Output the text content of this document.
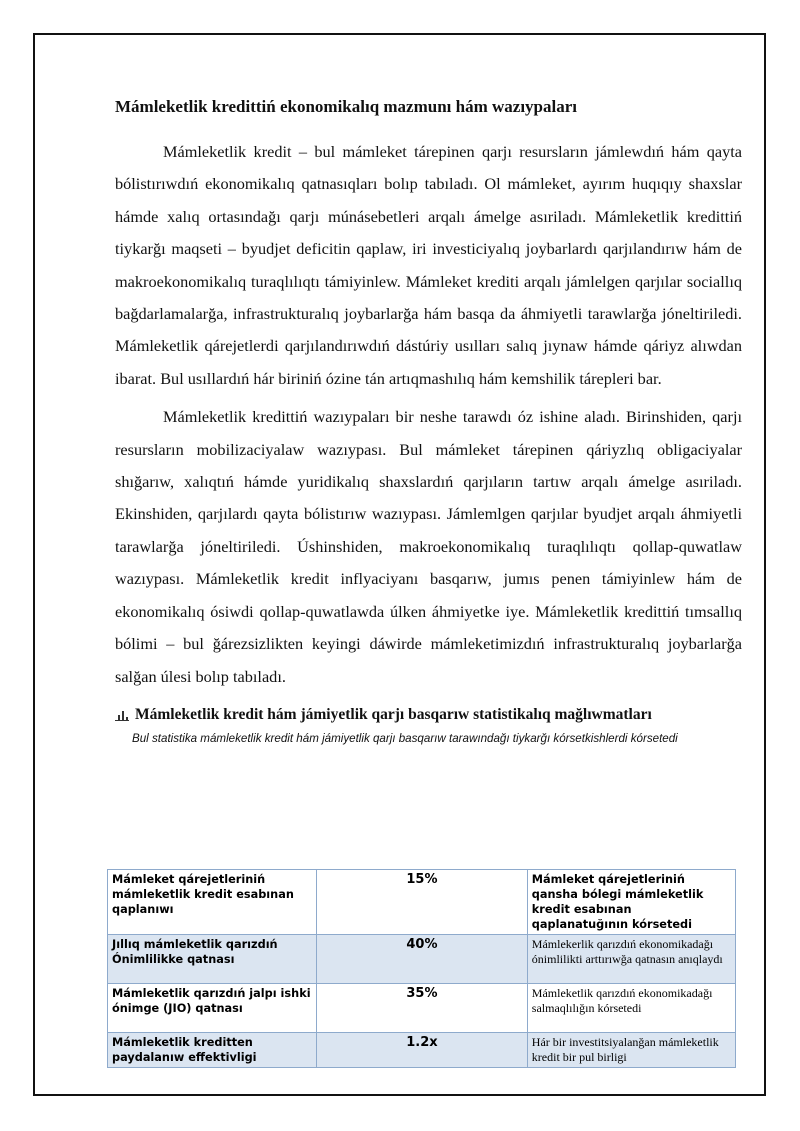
Mámleketlik kredittiń ekonomikalıq mazmunı hám wazıypaları

Mámleketlik kredit – bul mámleket tárepinen qarjı resursların jámlewdıń hám qayta bólistırıwdıń ekonomikalıq qatnasıqları bolıp tabıladı. Ol mámleket, ayırım huqıqıy shaxslar hámde xalıq ortasındağı qarjı múnásebetleri arqalı ámelge asıriladı. Mámleketlik kredittiń tiykarğı maqseti – byudjet deficitin qaplaw, iri investiciyalıq joybarlardı qarjılandırıw hám de makroekonomikalıq turaqlılıqtı támiyinlew. Mámleket krediti arqalı jámlelgen qarjılar sociallıq bağdarlamalarğa, infrastrukturalıq joybarlarğa hám basqa da áhmiyetli tarawlarğa jóneltiriledi. Mámleketlik qárejetlerdi qarjılandırıwdıń dástúriy usılları salıq jıynaw hámde qáriyz alıwdan ibarat. Bul usıllardıń hár biriniń ózine tán artıqmashılıq hám kemshilik tárepleri bar.

Mámleketlik kredittiń wazıypaları bir neshe tarawdı óz ishine aladı. Birinshiden, qarjı resursların mobilizaciyalaw wazıypası. Bul mámleket tárepinen qáriyzlıq obligaciyalar shığarıw, xalıqtıń hámde yuridikalıq shaxslardıń qarjıların tartıw arqalı ámelge asıriladı. Ekinshiden, qarjılardı qayta bólistırıw wazıypası. Jámlemlgen qarjılar byudjet arqalı áhmiyetli tarawlarğa jóneltiriledi. Úshinshiden, makroekonomikalıq turaqlılıqtı qollap-quwatlaw wazıypası. Mámleketlik kredit inflyaciyanı basqarıw, jumıs penen támiyinlew hám de ekonomikalıq ósiwdi qollap-quwatlawda úlken áhmiyetke iye. Mámleketlik kredittiń tımsallıq bólimi – bul ğárezsizlikten keyingi dáwirde mámleketimizdıń infrastrukturalıq joybarlarğa salğan úlesi bolıp tabıladı.

Mámleketlik kredit hám jámiyetlik qarjı basqarıw statistikalıq mağlıwmatları
Bul statistika mámleketlik kredit hám jámiyetlik qarjı basqarıw tarawındağı tiykarğı kórsetkishlerdi kórsetedi
Mámleket qárejetleriniń mámleketlik kredit esabınan qaplanıwı	15%	Mámleket qárejetleriniń qansha bólegi mámleketlik kredit esabınan qaplanatuğının kórsetedi
Jıllıq mámleketlik qarızdıń Ónimlilikke qatnası	40%	Mámlekerlik qarızdıń ekonomikadağı ónimlilikti arttırıwğa qatnasın anıqlaydı
Mámleketlik qarızdıń jalpı ishki ónimge (JIO) qatnası	35%	Mámleketlik qarızdıń ekonomikadağı salmaqlılığın kórsetedi
Mámleketlik kreditten paydalanıw effektivligi	1.2x	Hár bir investitsiyalanğan mámleketlik kredit bir pul birligi
